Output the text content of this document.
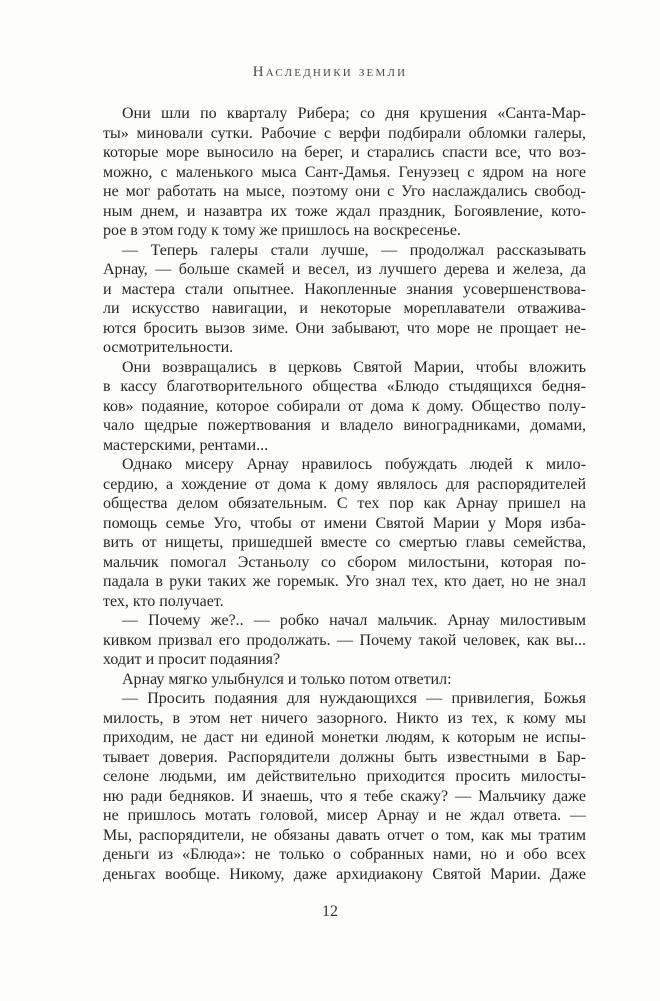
Наследники земли
Они шли по кварталу Рибера; со дня крушения «Санта-Мар-
ты» миновали сутки. Рабочие с верфи подбирали обломки галеры,
которые море выносило на берег, и старались спасти все, что воз-
можно, с маленького мыса Сант-Дамья. Генуэзец с ядром на ноге
не мог работать на мысе, поэтому они с Уго наслаждались свобод-
ным днем, и назавтра их тоже ждал праздник, Богоявление, кото-
рое в этом году к тому же пришлось на воскресенье.
— Теперь галеры стали лучше, — продолжал рассказывать
Арнау, — больше скамей и весел, из лучшего дерева и железа, да
и мастера стали опытнее. Накопленные знания усовершенствова-
ли искусство навигации, и некоторые мореплаватели отважива-
ются бросить вызов зиме. Они забывают, что море не прощает не-
осмотрительности.
Они возвращались в церковь Святой Марии, чтобы вложить
в кассу благотворительного общества «Блюдо стыдящихся бедня-
ков» подаяние, которое собирали от дома к дому. Общество полу-
чало щедрые пожертвования и владело виноградниками, домами,
мастерскими, рентами...
Однако мисеру Арнау нравилось побуждать людей к мило-
сердию, а хождение от дома к дому являлось для распорядителей
общества делом обязательным. С тех пор как Арнау пришел на
помощь семье Уго, чтобы от имени Святой Марии у Моря изба-
вить от нищеты, пришедшей вместе со смертью главы семейства,
мальчик помогал Эстаньолу со сбором милостыни, которая по-
падала в руки таких же горемык. Уго знал тех, кто дает, но не знал
тех, кто получает.
— Почему же?.. — робко начал мальчик. Арнау милостивым
кивком призвал его продолжать. — Почему такой человек, как вы...
ходит и просит подаяния?
Арнау мягко улыбнулся и только потом ответил:
— Просить подаяния для нуждающихся — привилегия, Божья
милость, в этом нет ничего зазорного. Никто из тех, к кому мы
приходим, не даст ни единой монетки людям, к которым не испы-
тывает доверия. Распорядители должны быть известными в Бар-
селоне людьми, им действительно приходится просить милосты-
ню ради бедняков. И знаешь, что я тебе скажу? — Мальчику даже
не пришлось мотать головой, мисер Арнау и не ждал ответа. —
Мы, распорядители, не обязаны давать отчет о том, как мы тратим
деньги из «Блюда»: не только о собранных нами, но и обо всех
деньгах вообще. Никому, даже архидиакону Святой Марии. Даже
12
